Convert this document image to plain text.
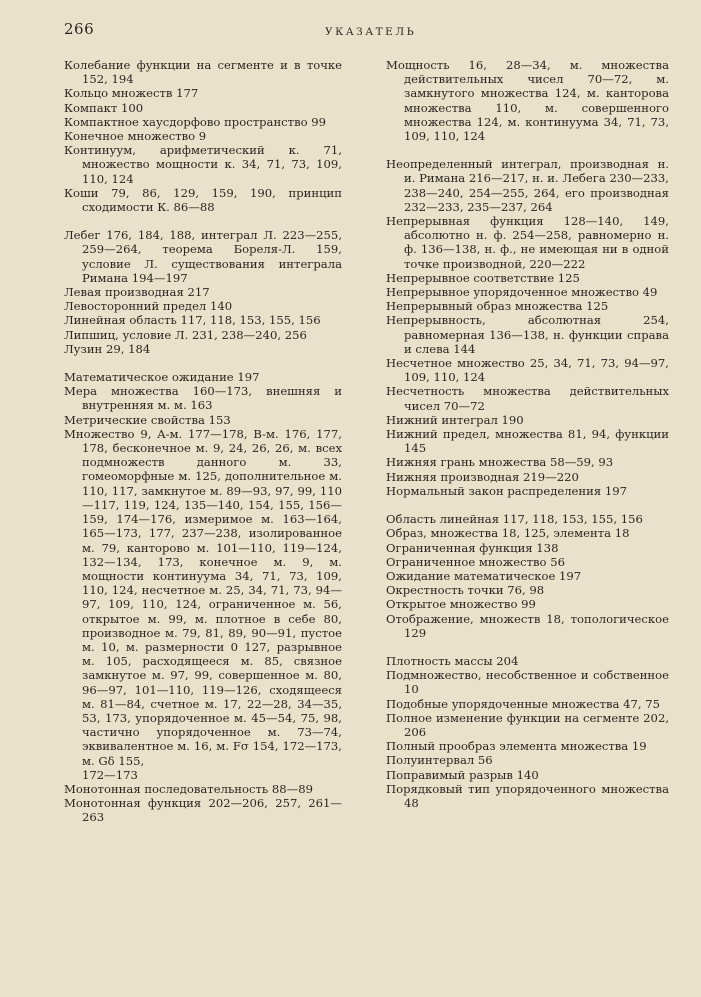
266	УКАЗАТЕЛЬ

Колебание функции на сегменте и в точке 152, 194

Кольцо множеств 177

Компакт 100

Компактное хаусдорфово пространство 99

Конечное множество 9

Континуум, арифметический к. 71, множество мощности к. 34, 71, 73, 109, 110, 124

Коши 79, 86, 129, 159, 190, принцип сходимости К. 86—88

Лебег 176, 184, 188, интеграл Л. 223—255, 259—264, теорема Бореля-Л. 159, условие Л. существования интеграла Римана 194—197

Левая производная 217

Левосторонний предел 140

Линейная область 117, 118, 153, 155, 156

Липшиц, условие Л. 231, 238—240, 256

Лузин 29, 184

Математическое ожидание 197

Мера множества 160—173, внешняя и внутренняя м. м. 163

Метрические свойства 153

Множество 9, A-м. 177—178, B-м. 176, 177, 178, бесконечное м. 9, 24, 26, 26, м. всех подмножеств данного м. 33, гомеоморфные м. 125, дополнительное м. 110, 117, замкнутое м. 89—93, 97, 99, 110—117, 119, 124, 135—140, 154, 155, 156—159, 174—176, измеримое м. 163—164, 165—173, 177, 237—238, изолированное м. 79, канторово м. 101—110, 119—124, 132—134, 173, конечное м. 9, м. мощности континуума 34, 71, 73, 109, 110, 124, несчетное м. 25, 34, 71, 73, 94—97, 109, 110, 124, ограниченное м. 56, открытое м. 99, м. плотное в себе 80, производное м. 79, 81, 89, 90—91, пустое м. 10, м. размерности 0 127, разрывное м. 105, расходящееся м. 85, связное замкнутое м. 97, 99, совершенное м. 80, 96—97, 101—110, 119—126, сходящееся м. 81—84, счетное м. 17, 22—28, 34—35, 53, 173, упорядоченное м. 45—54, 75, 98, частично упорядоченное м. 73—74, эквивалентное м. 16, м. Fσ 154, 172—173, м. Gδ 155,

172—173

Монотонная последовательность 88—89

Монотонная функция 202—206, 257, 261—263

Мощность 16, 28—34, м. множества действительных чисел 70—72, м. замкнутого множества 124, м. канторова множества 110, м. совершенного множества 124, м. континуума 34, 71, 73, 109, 110, 124

Неопределенный интеграл, производная н. и. Римана 216—217, н. и. Лебега 230—233, 238—240, 254—255, 264, его производная 232—233, 235—237, 264

Непрерывная функция 128—140, 149, абсолютно н. ф. 254—258, равномерно н. ф. 136—138, н. ф., не имеющая ни в одной точке производной, 220—222

Непрерывное соответствие 125

Непрерывное упорядоченное множество 49

Непрерывный образ множества 125

Непрерывность, абсолютная 254, равномерная 136—138, н. функции справа и слева 144

Несчетное множество 25, 34, 71, 73, 94—97, 109, 110, 124

Несчетность множества действительных чисел 70—72

Нижний интеграл 190

Нижний предел, множества 81, 94, функции 145

Нижняя грань множества 58—59, 93

Нижняя производная 219—220

Нормальный закон распределения 197

Область линейная 117, 118, 153, 155, 156

Образ, множества 18, 125, элемента 18

Ограниченная функция 138

Ограниченное множество 56

Ожидание математическое 197

Окрестность точки 76, 98

Открытое множество 99

Отображение, множеств 18, топологическое 129

Плотность массы 204

Подмножество, несобственное и собственное 10

Подобные упорядоченные множества 47, 75

Полное изменение функции на сегменте 202, 206

Полный прообраз элемента множества 19

Полуинтервал 56

Поправимый разрыв 140

Порядковый тип упорядоченного множества 48
